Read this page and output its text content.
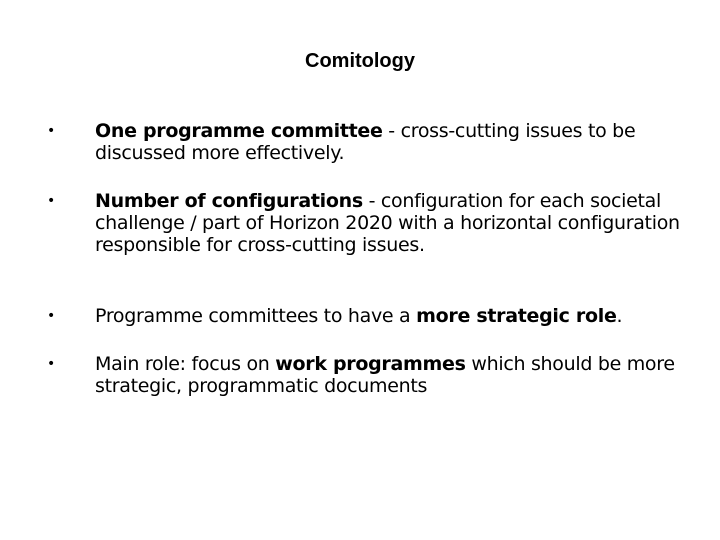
Comitology
• One programme committee - cross-cutting issues to be discussed more effectively.
• Number of configurations - configuration for each societal challenge / part of Horizon 2020 with a horizontal configuration responsible for cross-cutting issues.
• Programme committees to have a more strategic role.
• Main role: focus on work programmes which should be more strategic, programmatic documents
